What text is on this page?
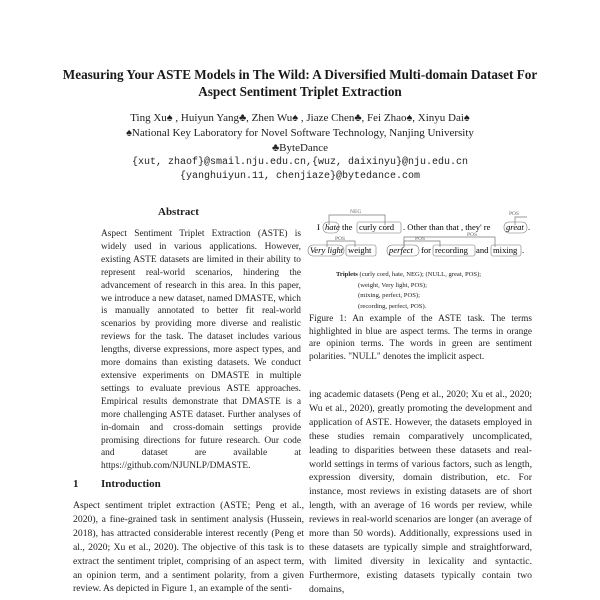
Measuring Your ASTE Models in The Wild: A Diversified Multi-domain Dataset For Aspect Sentiment Triplet Extraction
Ting Xu♠ , Huiyun Yang♣, Zhen Wu♠ , Jiaze Chen♣, Fei Zhao♠, Xinyu Dai♠
♠National Key Laboratory for Novel Software Technology, Nanjing University
♣ByteDance
{xut, zhaof}@smail.nju.edu.cn,{wuz, daixinyu}@nju.edu.cn
{yanghuiyun.11, chenjiaze}@bytedance.com
Abstract
Aspect Sentiment Triplet Extraction (ASTE) is widely used in various applications. However, existing ASTE datasets are limited in their ability to represent real-world scenarios, hindering the advancement of research in this area. In this paper, we introduce a new dataset, named DMASTE, which is manually annotated to better fit real-world scenarios by providing more diverse and realistic reviews for the task. The dataset includes various lengths, diverse expressions, more aspect types, and more domains than existing datasets. We conduct extensive experiments on DMASTE in multiple settings to evaluate previous ASTE approaches. Empirical results demonstrate that DMASTE is a more challenging ASTE dataset. Further analyses of in-domain and cross-domain settings provide promising directions for future research. Our code and dataset are available at https://github.com/NJUNLP/DMASTE.
1 Introduction
Aspect sentiment triplet extraction (ASTE; Peng et al., 2020), a fine-grained task in sentiment analysis (Hussein, 2018), has attracted considerable interest recently (Peng et al., 2020; Xu et al., 2020). The objective of this task is to extract the sentiment triplet, comprising of an aspect term, an opinion term, and a sentiment polarity, from a given review. As depicted in Figure 1, an example of the senti-
NEG	POS
I hate the curly cord . Other than that , they' re great .
POS	POS
POS
Very light weight perfect for recording and mixing .
Triplets (curly cord, hate, NEG); (NULL, great, POS);
(weight, Very light, POS);
(mixing, perfect, POS);
(recording, perfect, POS).
Figure 1: An example of the ASTE task. The terms highlighted in blue are aspect terms. The terms in orange are opinion terms. The words in green are sentiment polarities. "NULL" denotes the implicit aspect.
ing academic datasets (Peng et al., 2020; Xu et al., 2020; Wu et al., 2020), greatly promoting the development and application of ASTE. However, the datasets employed in these studies remain comparatively uncomplicated, leading to disparities between these datasets and real-world settings in terms of various factors, such as length, expression diversity, domain distribution, etc. For instance, most reviews in existing datasets are of short length, with an average of 16 words per review, while reviews in real-world scenarios are longer (an average of more than 50 words). Additionally, expressions used in these datasets are typically simple and straightforward, with limited diversity in lexicality and syntactic. Furthermore, existing datasets typically contain two domains,
